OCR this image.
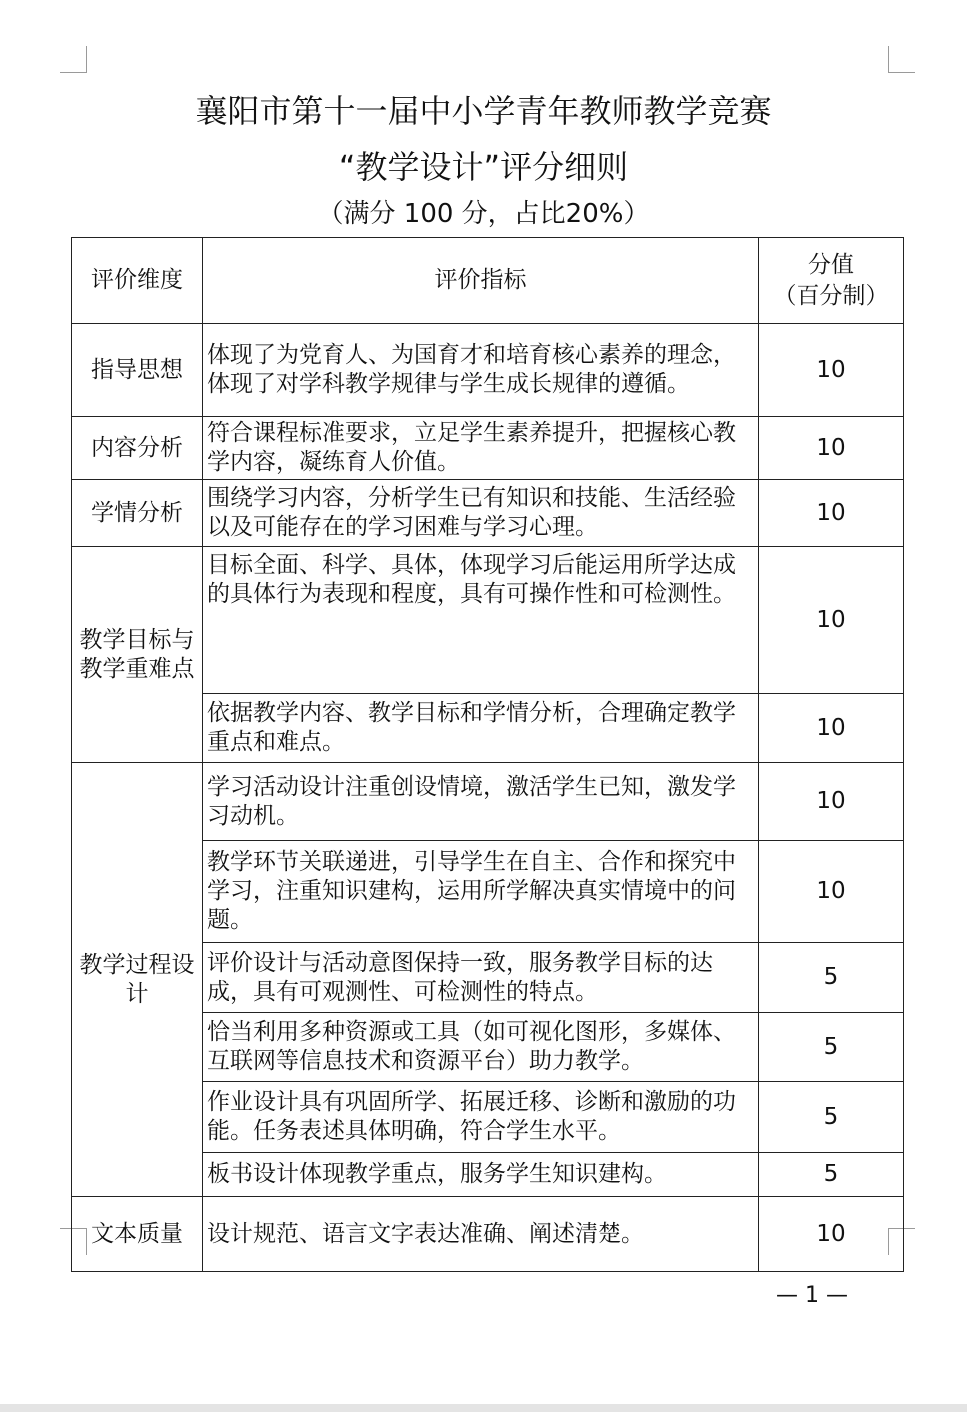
襄阳市第十一届中小学青年教师教学竞赛
“教学设计”评分细则
（满分 100 分，占比20%）
评价维度	评价指标	分值
（百分制）

指导思想	体现了为党育人、为国育才和培育核心素养的理念，体现了对学科教学规律与学生成长规律的遵循。	10
内容分析	符合课程标准要求，立足学生素养提升，把握核心教学内容，凝练育人价值。	10
学情分析	围绕学习内容，分析学生已有知识和技能、生活经验以及可能存在的学习困难与学习心理。	10
教学目标与教学重难点	目标全面、科学、具体，体现学习后能运用所学达成的具体行为表现和程度，具有可操作性和可检测性。	10
	依据教学内容、教学目标和学情分析，合理确定教学重点和难点。	10
教学过程设计	学习活动设计注重创设情境，激活学生已知，激发学习动机。	10
	教学环节关联递进，引导学生在自主、合作和探究中学习，注重知识建构，运用所学解决真实情境中的问题。	10
	评价设计与活动意图保持一致，服务教学目标的达成，具有可观测性、可检测性的特点。	5
	恰当利用多种资源或工具（如可视化图形，多媒体、互联网等信息技术和资源平台）助力教学。	5
	作业设计具有巩固所学、拓展迁移、诊断和激励的功能。任务表述具体明确，符合学生水平。	5
	板书设计体现教学重点，服务学生知识建构。	5
文本质量	设计规范、语言文字表达准确、阐述清楚。	10
— 1 —
